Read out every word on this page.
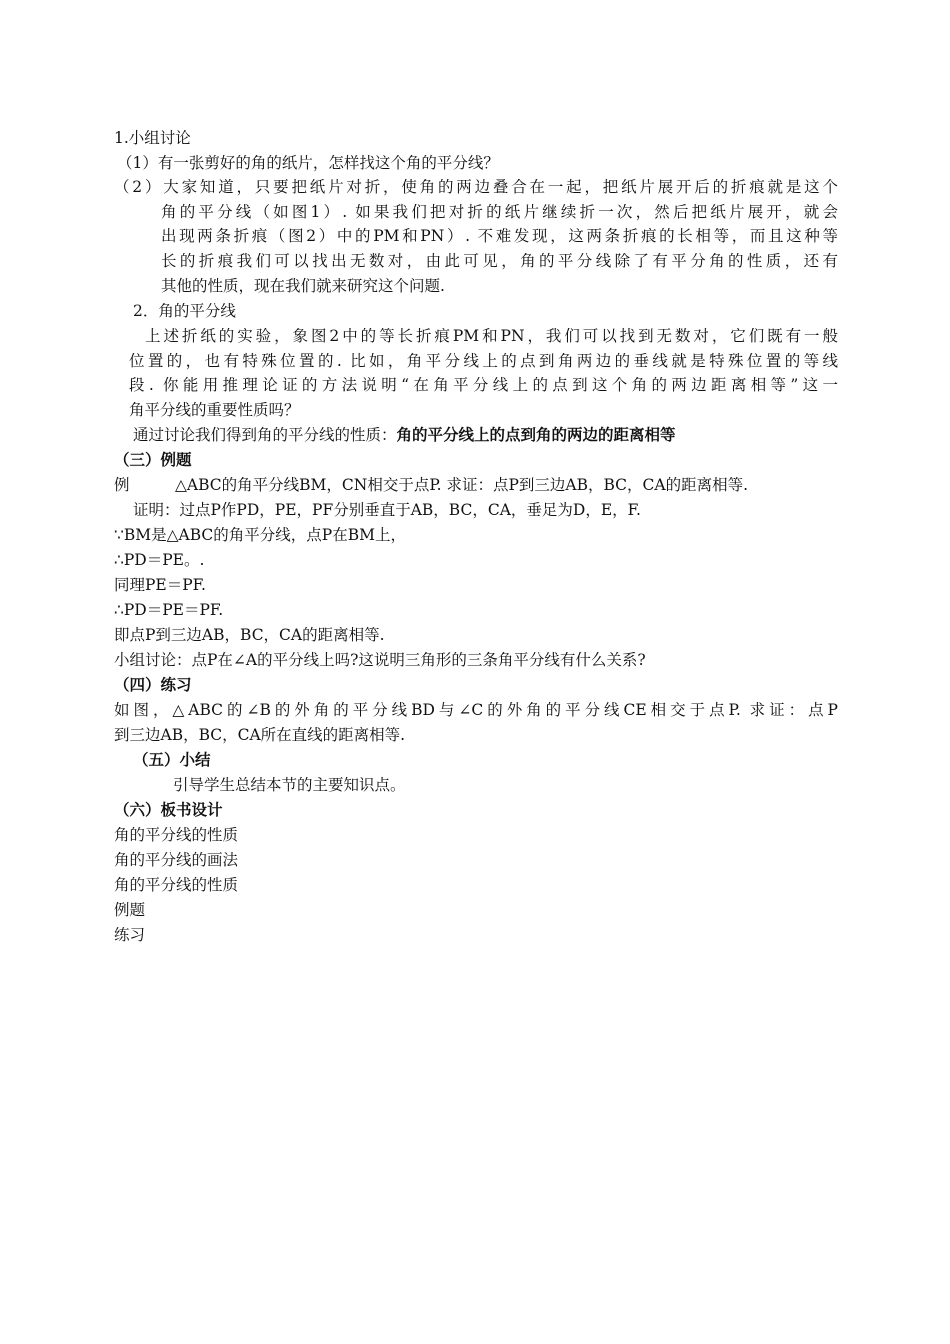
1.小组讨论
（1）有一张剪好的角的纸片，怎样找这个角的平分线？
（2）大家知道，只要把纸片对折，使角的两边叠合在一起，把纸片展开后的折痕就是这个
角的平分线（如图1）. 如果我们把对折的纸片继续折一次，然后把纸片展开，就会
出现两条折痕（图2）中的PM和PN）. 不难发现，这两条折痕的长相等，而且这种等
长的折痕我们可以找出无数对，由此可见，角的平分线除了有平分角的性质，还有
其他的性质，现在我们就来研究这个问题.
2．角的平分线
上述折纸的实验，象图2中的等长折痕PM和PN，我们可以找到无数对，它们既有一般
位置的，也有特殊位置的. 比如，角平分线上的点到角两边的垂线就是特殊位置的等线
段. 你能用推理论证的方法说明“在角平分线上的点到这个角的两边距离相等”这一
角平分线的重要性质吗？
通过讨论我们得到角的平分线的性质：角的平分线上的点到角的两边的距离相等
（三）例题
例	△ABC的角平分线BM，CN相交于点P. 求证：点P到三边AB，BC，CA的距离相等.
证明：过点P作PD，PE，PF分别垂直于AB，BC，CA，垂足为D，E，F.
∵BM是△ABC的角平分线，点P在BM上，
∴PD＝PE。.
同理PE＝PF.
∴PD＝PE＝PF.
即点P到三边AB，BC，CA的距离相等.
小组讨论：点P在∠A的平分线上吗?这说明三角形的三条角平分线有什么关系?
（四）练习
如图，△ABC的∠B的外角的平分线BD与∠C的外角的平分线CE相交于点P. 求证：点P
到三边AB，BC，CA所在直线的距离相等.
（五）小结
引导学生总结本节的主要知识点。
（六）板书设计
角的平分线的性质
角的平分线的画法
角的平分线的性质
例题
练习
